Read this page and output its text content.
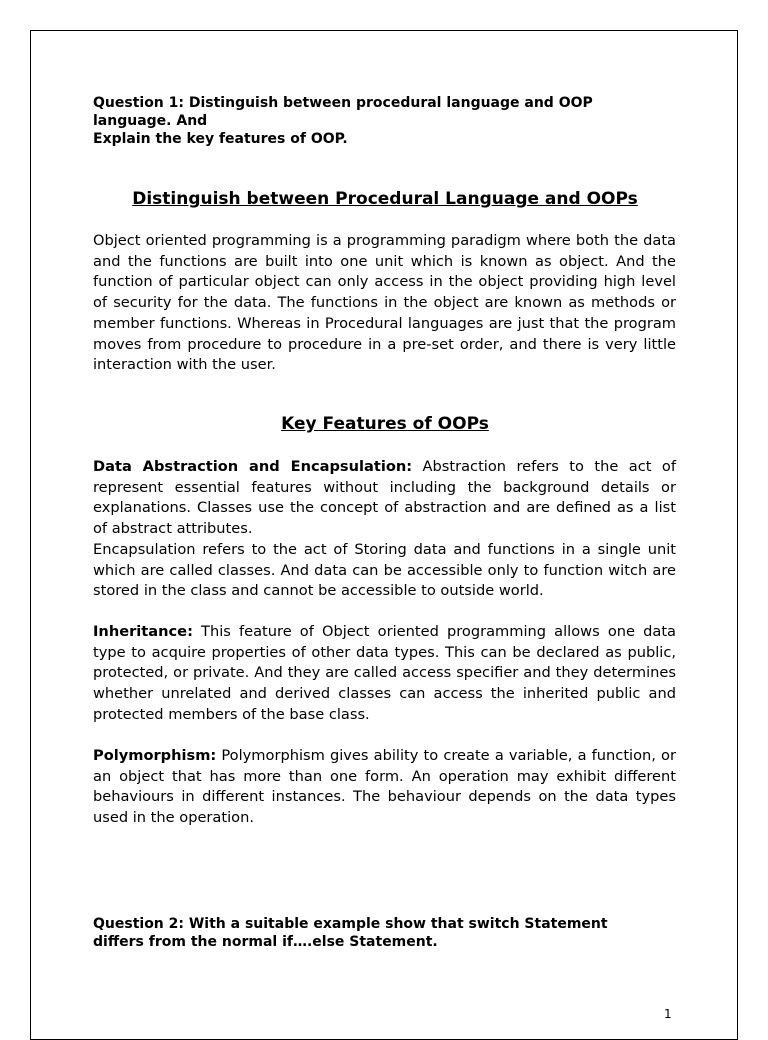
Question 1: Distinguish between procedural language and OOP
language. And
Explain the key features of OOP.
Distinguish between Procedural Language and OOPs
Object oriented programming is a programming paradigm where both the data and the functions are built into one unit which is known as object. And the function of particular object can only access in the object providing high level of security for the data. The functions in the object are known as methods or member functions. Whereas in Procedural languages are just that the program moves from procedure to procedure in a pre-set order, and there is very little interaction with the user.
Key Features of OOPs
Data Abstraction and Encapsulation: Abstraction refers to the act of represent essential features without including the background details or explanations. Classes use the concept of abstraction and are defined as a list of abstract attributes.
Encapsulation refers to the act of Storing data and functions in a single unit which are called classes. And data can be accessible only to function witch are stored in the class and cannot be accessible to outside world.
Inheritance: This feature of Object oriented programming allows one data type to acquire properties of other data types. This can be declared as public, protected, or private. And they are called access specifier and they determines whether unrelated and derived classes can access the inherited public and protected members of the base class.
Polymorphism: Polymorphism gives ability to create a variable, a function, or an object that has more than one form. An operation may exhibit different behaviours in different instances. The behaviour depends on the data types used in the operation.
Question 2: With a suitable example show that switch Statement
differs from the normal if….else Statement.
1
